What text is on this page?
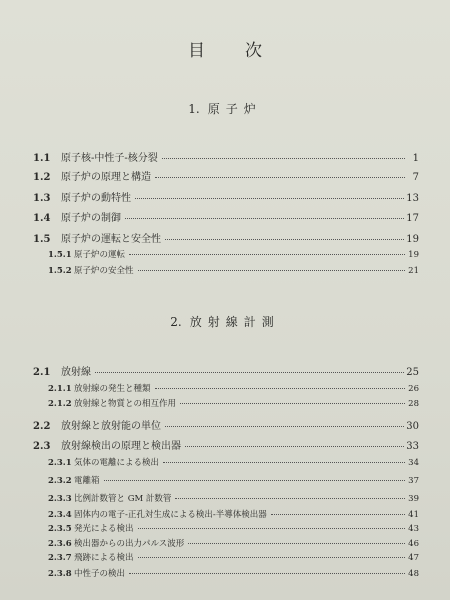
目次
1. 原子炉
1.1	原子核-中性子-核分裂	1
1.2	原子炉の原理と構造	7
1.3	原子炉の動特性	13
1.4	原子炉の制御	17
1.5	原子炉の運転と安全性	19
1.5.1 原子炉の運転	19
1.5.2 原子炉の安全性	21
2. 放射線計測
2.1	放射線	25
2.1.1 放射線の発生と種類	26
2.1.2 放射線と物質との相互作用	28
2.2	放射線と放射能の単位	30
2.3	放射線検出の原理と検出器	33
2.3.1 気体の電離による検出	34
2.3.2 電離箱	37
2.3.3 比例計数管と GM 計数管	39
2.3.4 固体内の電子-正孔対生成による検出-半導体検出器	41
2.3.5 発光による検出	43
2.3.6 検出器からの出力パルス波形	46
2.3.7 飛跡による検出	47
2.3.8 中性子の検出	48
